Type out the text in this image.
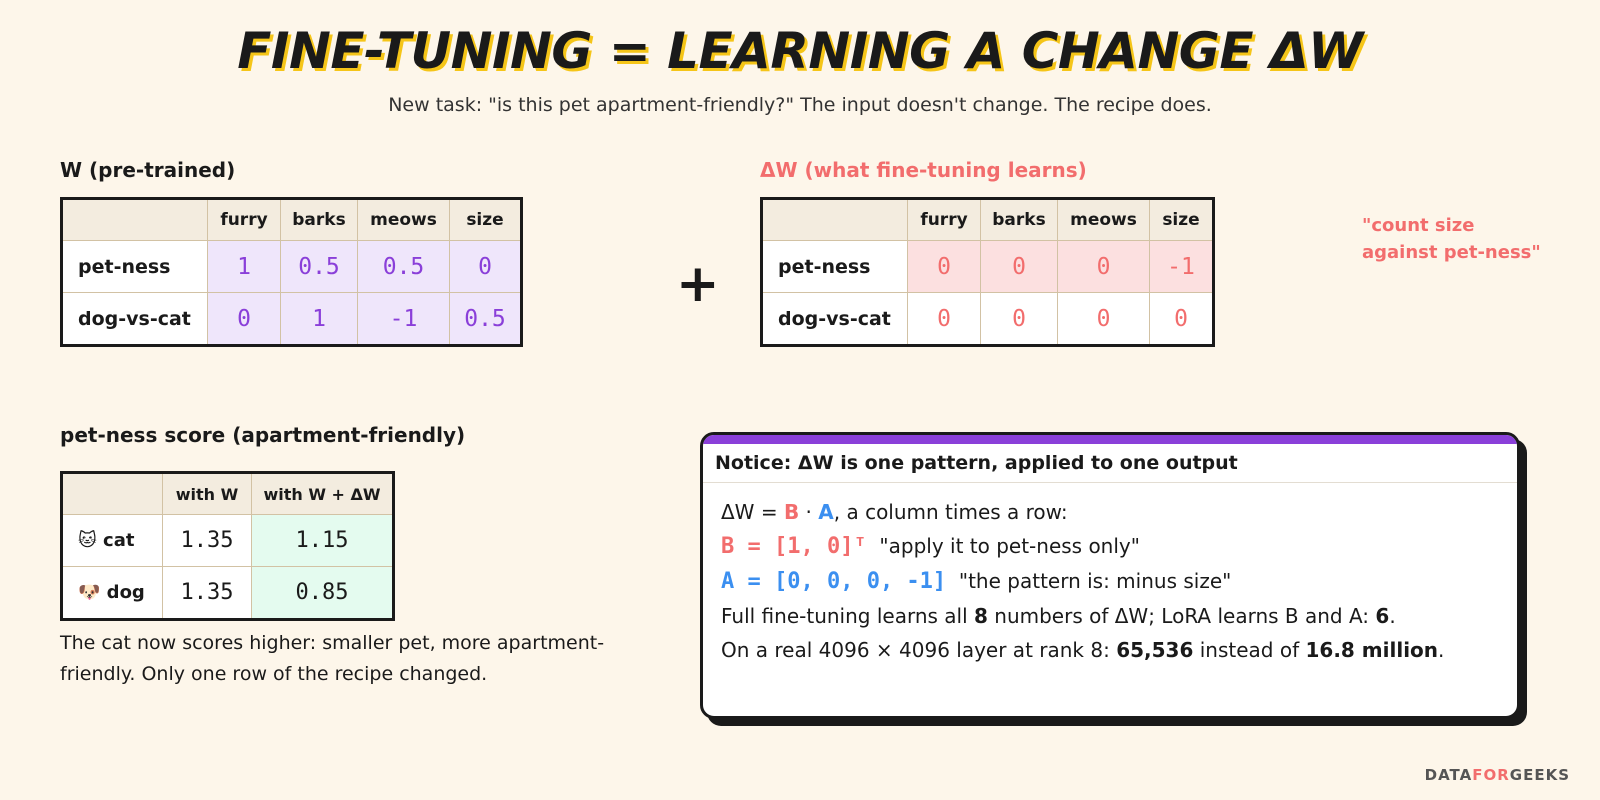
FINE-TUNING = LEARNING A CHANGE ΔW
New task: "is this pet apartment-friendly?" The input doesn't change. The recipe does.
W (pre-trained)
	furry	barks	meows	size
pet-ness	1	0.5	0.5	0
dog-vs-cat	0	1	-1	0.5
+
ΔW (what fine-tuning learns)
	furry	barks	meows	size
pet-ness	0	0	0	-1
dog-vs-cat	0	0	0	0
"count size
against pet-ness"
pet-ness score (apartment-friendly)
	with W	with W + ΔW
🐱 cat	1.35	1.15
🐶 dog	1.35	0.85
The cat now scores higher: smaller pet, more apartment-friendly. Only one row of the recipe changed.
Notice: ΔW is one pattern, applied to one output
ΔW = B · A, a column times a row:
B = [1, 0]ᵀ "apply it to pet-ness only"
A = [0, 0, 0, -1] "the pattern is: minus size"
Full fine-tuning learns all 8 numbers of ΔW; LoRA learns B and A: 6.
On a real 4096 × 4096 layer at rank 8: 65,536 instead of 16.8 million.
DATAFORGEEKS
